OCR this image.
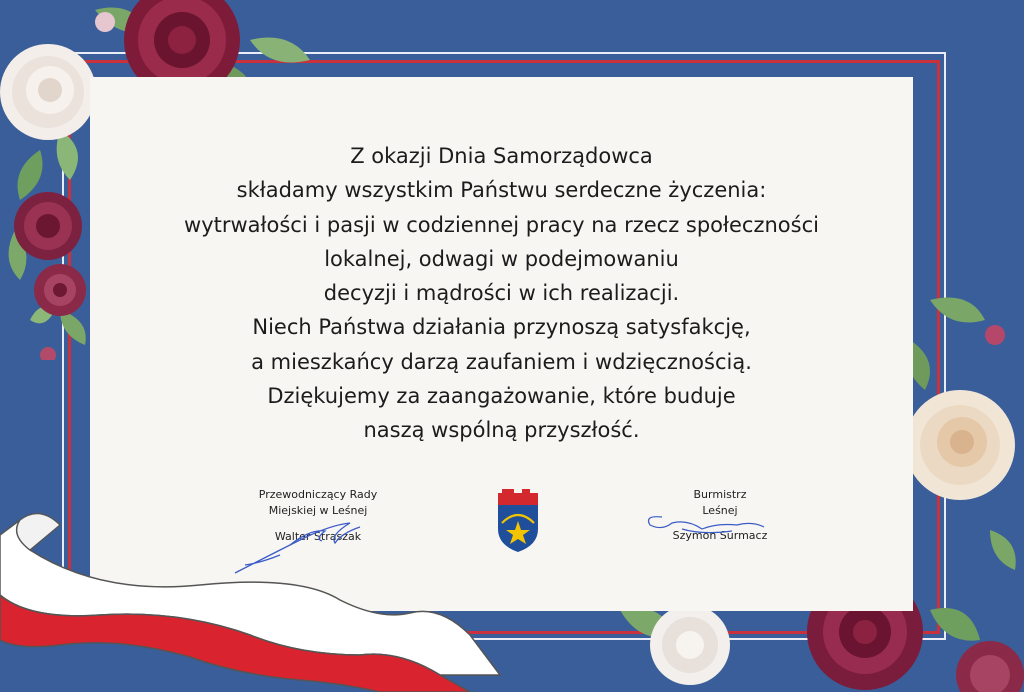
Z okazji Dnia Samorządowca
składamy wszystkim Państwu serdeczne życzenia:
wytrwałości i pasji w codziennej pracy na rzecz społeczności
lokalnej, odwagi w podejmowaniu
decyzji i mądrości w ich realizacji.
Niech Państwa działania przynoszą satysfakcję,
a mieszkańcy darzą zaufaniem i wdzięcznością.
Dziękujemy za zaangażowanie, które buduje
naszą wspólną przyszłość.
Przewodniczący Rady
Miejskiej w Leśnej
Walter Straszak
Burmistrz
Leśnej
Szymon Surmacz
